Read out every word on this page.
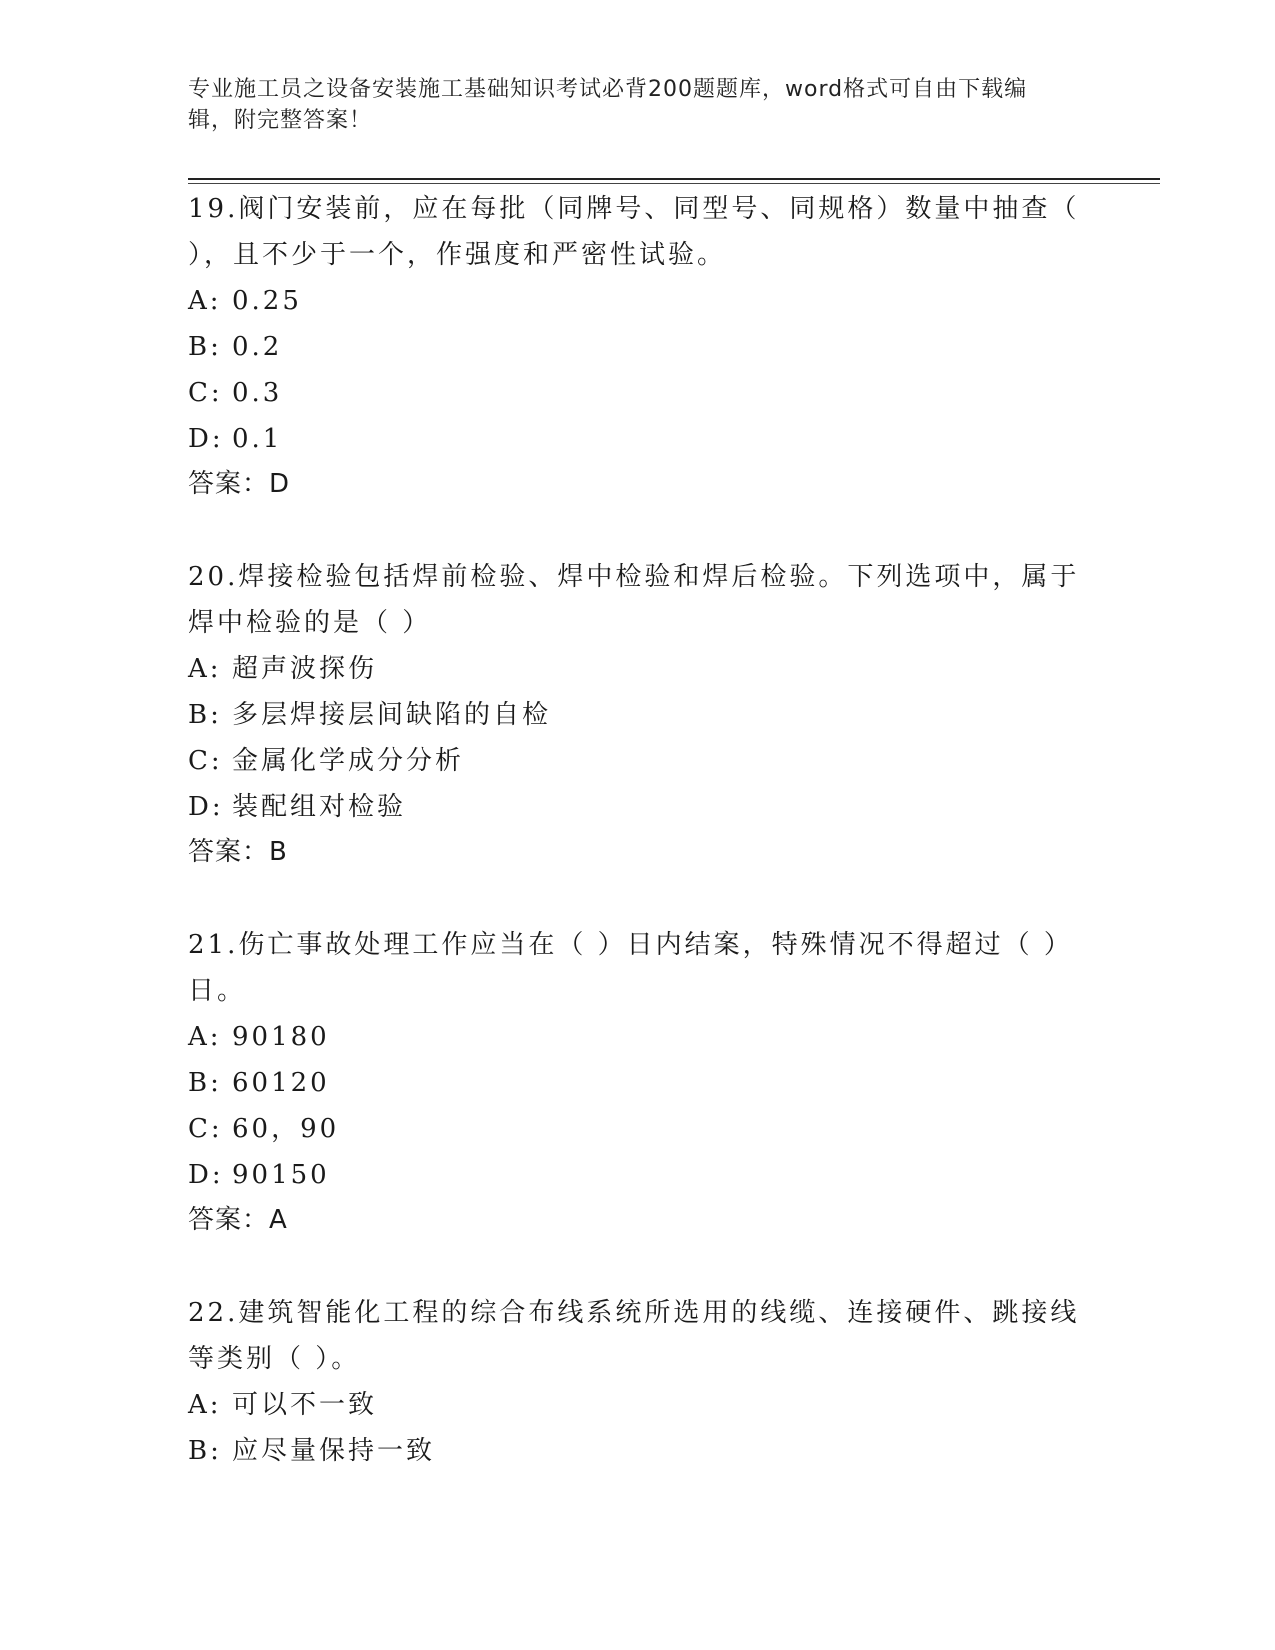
专业施工员之设备安装施工基础知识考试必背200题题库，word格式可自由下载编辑，附完整答案！

19.阀门安装前，应在每批（同牌号、同型号、同规格）数量中抽查（ ），且不少于一个，作强度和严密性试验。

A: 0.25

B: 0.2

C: 0.3

D: 0.1

答案：D

20.焊接检验包括焊前检验、焊中检验和焊后检验。下列选项中，属于焊中检验的是（ ）

A: 超声波探伤

B: 多层焊接层间缺陷的自检

C: 金属化学成分分析

D: 装配组对检验

答案：B

21.伤亡事故处理工作应当在（ ）日内结案，特殊情况不得超过（ ）日。

A: 90180

B: 60120

C: 60，90

D: 90150

答案：A

22.建筑智能化工程的综合布线系统所选用的线缆、连接硬件、跳接线等类别（ ）。

A: 可以不一致

B: 应尽量保持一致
